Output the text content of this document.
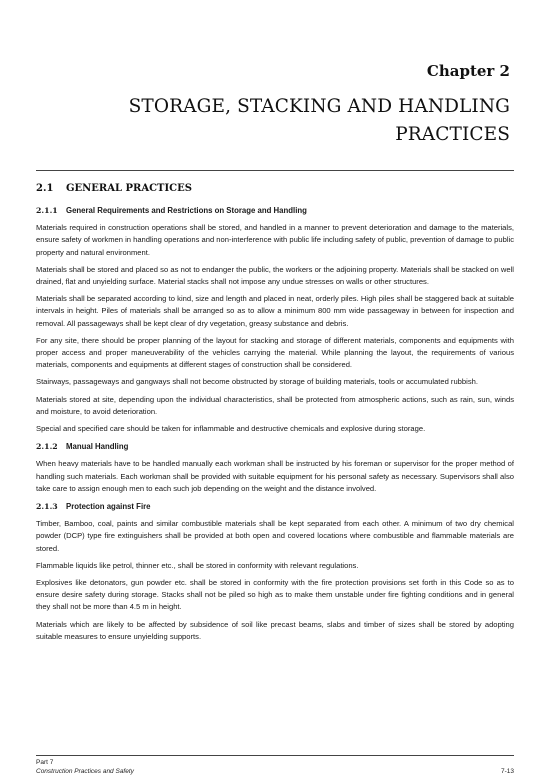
Chapter 2
STORAGE, STACKING AND HANDLING
PRACTICES
2.1 GENERAL PRACTICES
2.1.1 General Requirements and Restrictions on Storage and Handling

Materials required in construction operations shall be stored, and handled in a manner to prevent deterioration and damage to the materials, ensure safety of workmen in handling operations and non-interference with public life including safety of public, prevention of damage to public property and natural environment.

Materials shall be stored and placed so as not to endanger the public, the workers or the adjoining property. Materials shall be stacked on well drained, flat and unyielding surface. Material stacks shall not impose any undue stresses on walls or other structures.

Materials shall be separated according to kind, size and length and placed in neat, orderly piles. High piles shall be staggered back at suitable intervals in height. Piles of materials shall be arranged so as to allow a minimum 800 mm wide passageway in between for inspection and removal. All passageways shall be kept clear of dry vegetation, greasy substance and debris.

For any site, there should be proper planning of the layout for stacking and storage of different materials, components and equipments with proper access and proper maneuverability of the vehicles carrying the material. While planning the layout, the requirements of various materials, components and equipments at different stages of construction shall be considered.

Stairways, passageways and gangways shall not become obstructed by storage of building materials, tools or accumulated rubbish.

Materials stored at site, depending upon the individual characteristics, shall be protected from atmospheric actions, such as rain, sun, winds and moisture, to avoid deterioration.

Special and specified care should be taken for inflammable and destructive chemicals and explosive during storage.

2.1.2 Manual Handling

When heavy materials have to be handled manually each workman shall be instructed by his foreman or supervisor for the proper method of handling such materials. Each workman shall be provided with suitable equipment for his personal safety as necessary. Supervisors shall also take care to assign enough men to each such job depending on the weight and the distance involved.

2.1.3 Protection against Fire

Timber, Bamboo, coal, paints and similar combustible materials shall be kept separated from each other. A minimum of two dry chemical powder (DCP) type fire extinguishers shall be provided at both open and covered locations where combustible and flammable materials are stored.

Flammable liquids like petrol, thinner etc., shall be stored in conformity with relevant regulations.

Explosives like detonators, gun powder etc. shall be stored in conformity with the fire protection provisions set forth in this Code so as to ensure desire safety during storage. Stacks shall not be piled so high as to make them unstable under fire fighting conditions and in general they shall not be more than 4.5 m in height.

Materials which are likely to be affected by subsidence of soil like precast beams, slabs and timber of sizes shall be stored by adopting suitable measures to ensure unyielding supports.

Part 7
Construction Practices and Safety	7-13
